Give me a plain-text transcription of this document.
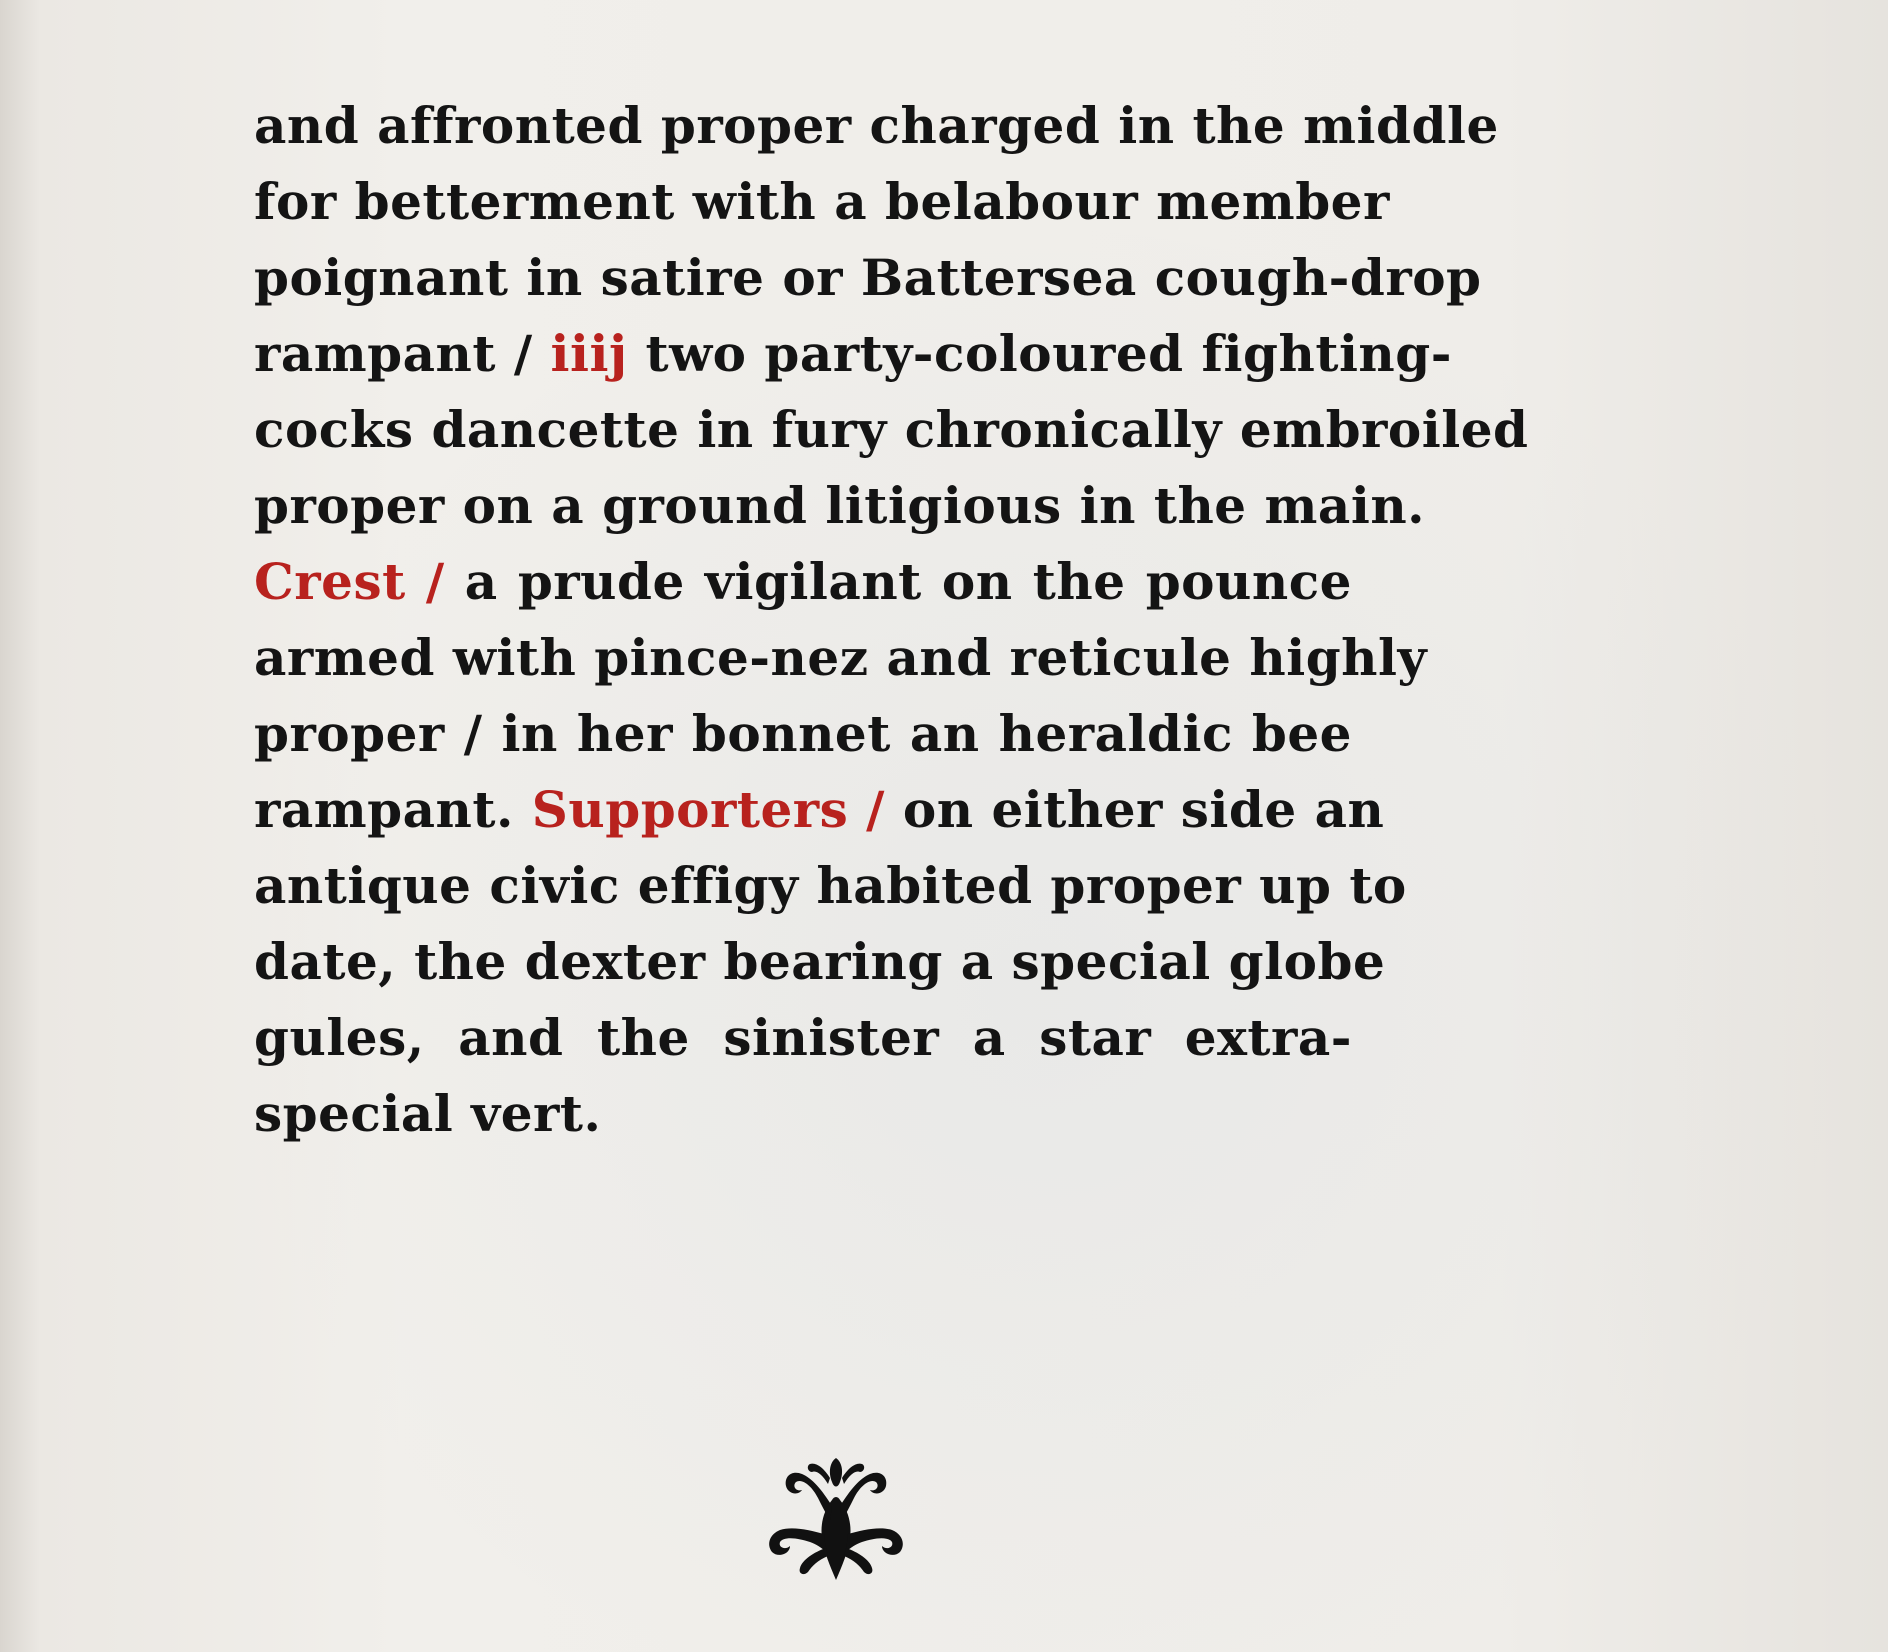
and affronted proper charged in the middle
for betterment with a belabour member
poignant in satire or Battersea cough-drop
rampant / iiij two party-coloured fighting-
cocks dancette in fury chronically embroiled
proper on a ground litigious in the main.
Crest / a prude vigilant on the pounce
armed with pince-nez and reticule highly
proper / in her bonnet an heraldic bee
rampant. Supporters / on either side an
antique civic effigy habited proper up to
date, the dexter bearing a special globe
gules, and the sinister a star extra-
special vert.
